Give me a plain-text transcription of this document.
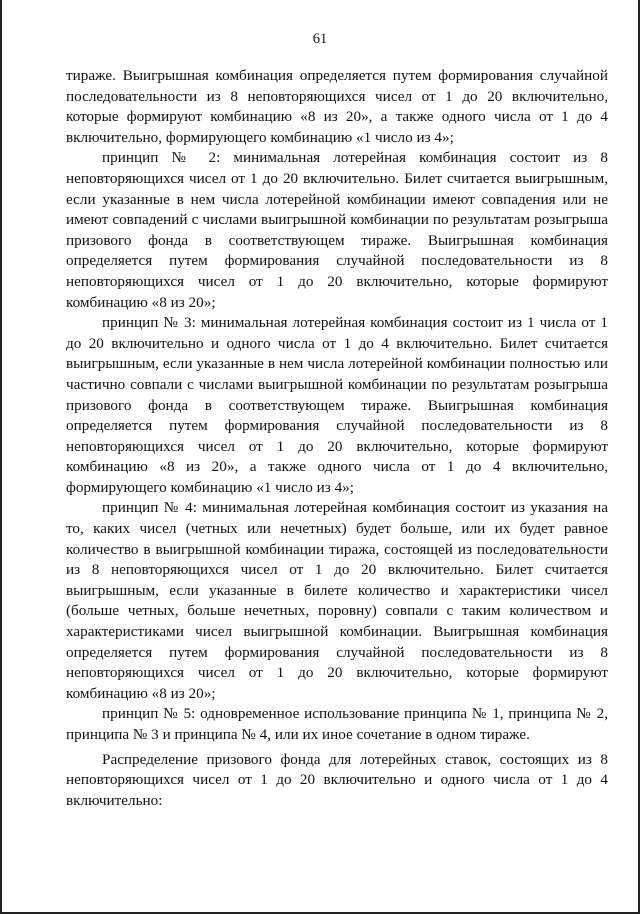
61

тираже. Выигрышная комбинация определяется путем формирования случайной последовательности из 8 неповторяющихся чисел от 1 до 20 включительно, которые формируют комбинацию «8 из 20», а также одного числа от 1 до 4 включительно, формирующего комбинацию «1 число из 4»;

принцип № 2: минимальная лотерейная комбинация состоит из 8 неповторяющихся чисел от 1 до 20 включительно. Билет считается выигрышным, если указанные в нем числа лотерейной комбинации имеют совпадения или не имеют совпадений с числами выигрышной комбинации по результатам розыгрыша призового фонда в соответствующем тираже. Выигрышная комбинация определяется путем формирования случайной последовательности из 8 неповторяющихся чисел от 1 до 20 включительно, которые формируют комбинацию «8 из 20»;

принцип № 3: минимальная лотерейная комбинация состоит из 1 числа от 1 до 20 включительно и одного числа от 1 до 4 включительно. Билет считается выигрышным, если указанные в нем числа лотерейной комбинации полностью или частично совпали с числами выигрышной комбинации по результатам розыгрыша призового фонда в соответствующем тираже. Выигрышная комбинация определяется путем формирования случайной последовательности из 8 неповторяющихся чисел от 1 до 20 включительно, которые формируют комбинацию «8 из 20», а также одного числа от 1 до 4 включительно, формирующего комбинацию «1 число из 4»;

принцип № 4: минимальная лотерейная комбинация состоит из указания на то, каких чисел (четных или нечетных) будет больше, или их будет равное количество в выигрышной комбинации тиража, состоящей из последовательности из 8 неповторяющихся чисел от 1 до 20 включительно. Билет считается выигрышным, если указанные в билете количество и характеристики чисел (больше четных, больше нечетных, поровну) совпали с таким количеством и характеристиками чисел выигрышной комбинации. Выигрышная комбинация определяется путем формирования случайной последовательности из 8 неповторяющихся чисел от 1 до 20 включительно, которые формируют комбинацию «8 из 20»;

принцип № 5: одновременное использование принципа № 1, принципа № 2, принципа № 3 и принципа № 4, или их иное сочетание в одном тираже.

Распределение призового фонда для лотерейных ставок, состоящих из 8 неповторяющихся чисел от 1 до 20 включительно и одного числа от 1 до 4 включительно:
